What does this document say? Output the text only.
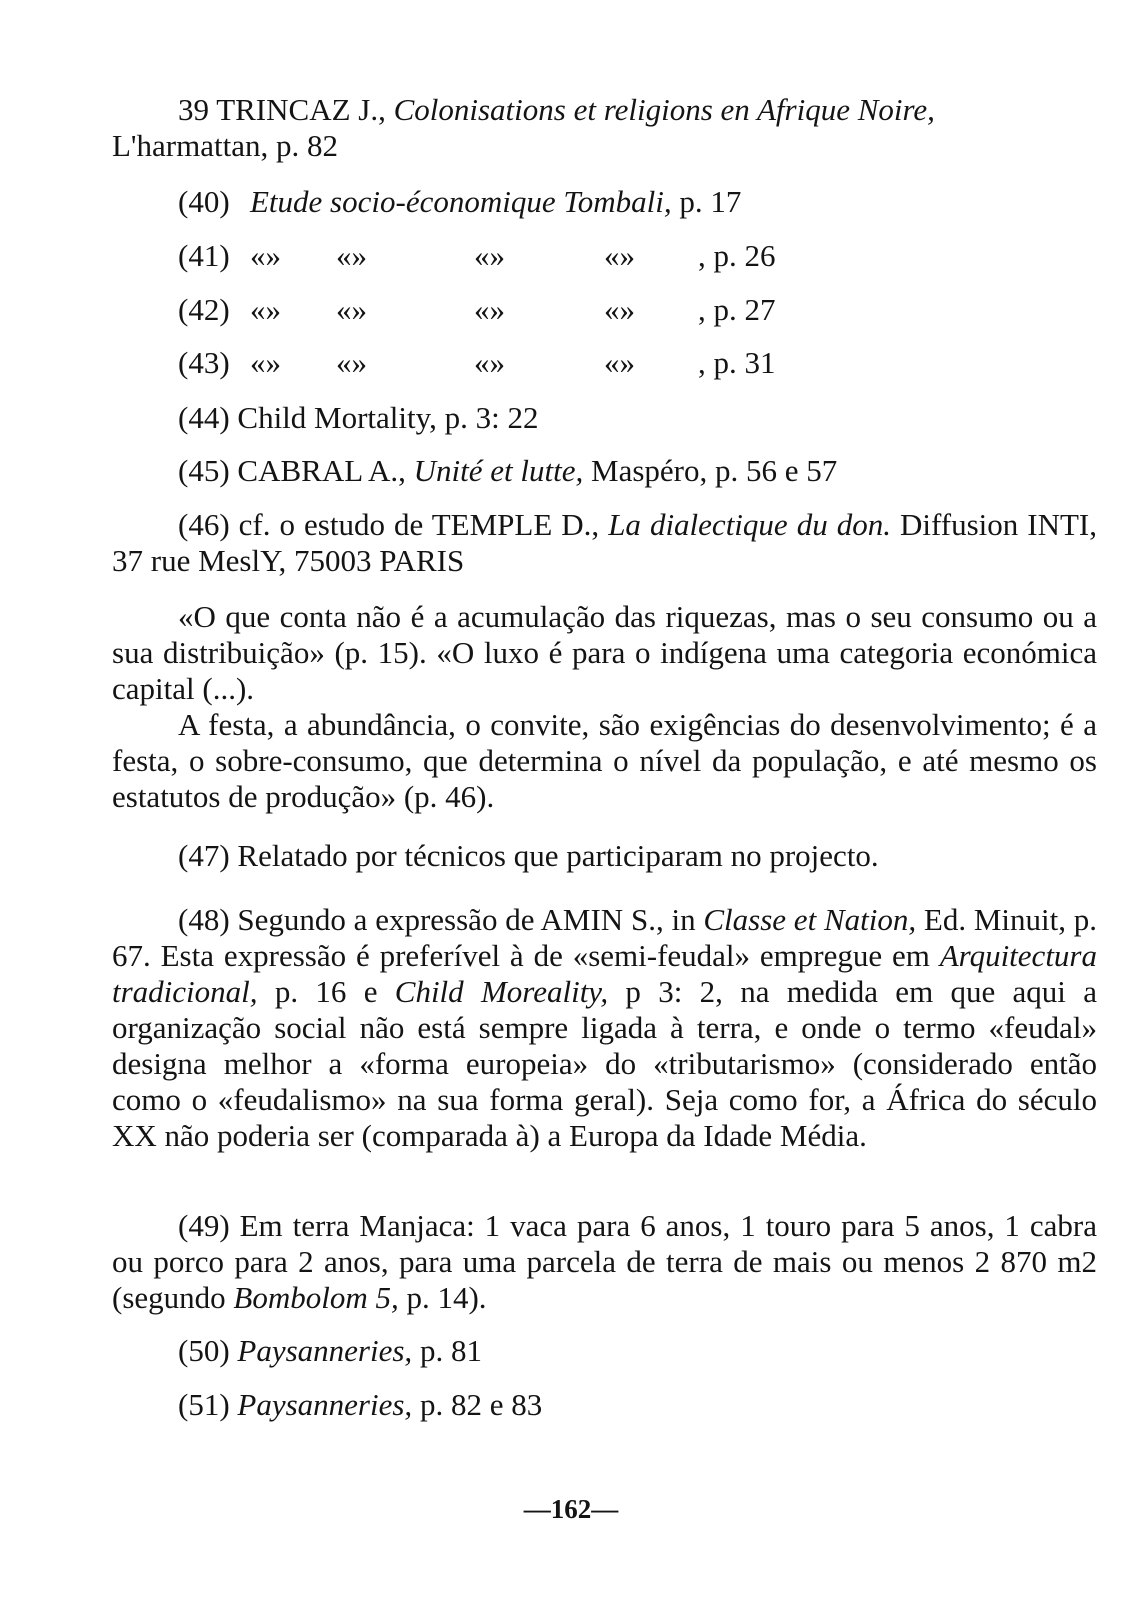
39 TRINCAZ J., Colonisations et religions en Afrique Noire,

L'harmattan, p. 82

(40) Etude socio-économique Tombali, p. 17
(41) «» «»	«»	«» , p. 26
(42) «» «»	«»	«» , p. 27
(43) «» «»	«»	«» , p. 31
(44) Child Mortality, p. 3: 22
(45) CABRAL A., Unité et lutte, Maspéro, p. 56 e 57

(46) cf. o estudo de TEMPLE D., La dialectique du don. Diffusion INTI, 37 rue MeslY, 75003 PARIS

«O que conta não é a acumulação das riquezas, mas o seu consumo ou a sua distribuição» (p. 15). «O luxo é para o indígena uma categoria económica capital (...).

A festa, a abundância, o convite, são exigências do desenvolvimento; é a festa, o sobre-consumo, que determina o nível da população, e até mesmo os estatutos de produção» (p. 46).

(47) Relatado por técnicos que participaram no projecto.

(48) Segundo a expressão de AMIN S., in Classe et Nation, Ed. Minuit, p. 67. Esta expressão é preferível à de «semi-feudal» empregue em Arquitectura tradicional, p. 16 e Child Moreality, p 3: 2, na medida em que aqui a organização social não está sempre ligada à terra, e onde o termo «feudal» designa melhor a «forma europeia» do «tributarismo» (considerado então como o «feudalismo» na sua forma geral). Seja como for, a África do século XX não poderia ser (comparada à) a Europa da Idade Média.

(49) Em terra Manjaca: 1 vaca para 6 anos, 1 touro para 5 anos, 1 cabra ou porco para 2 anos, para uma parcela de terra de mais ou menos 2 870 m2 (segundo Bombolom 5, p. 14).

(50) Paysanneries, p. 81
(51) Paysanneries, p. 82 e 83
—162—
